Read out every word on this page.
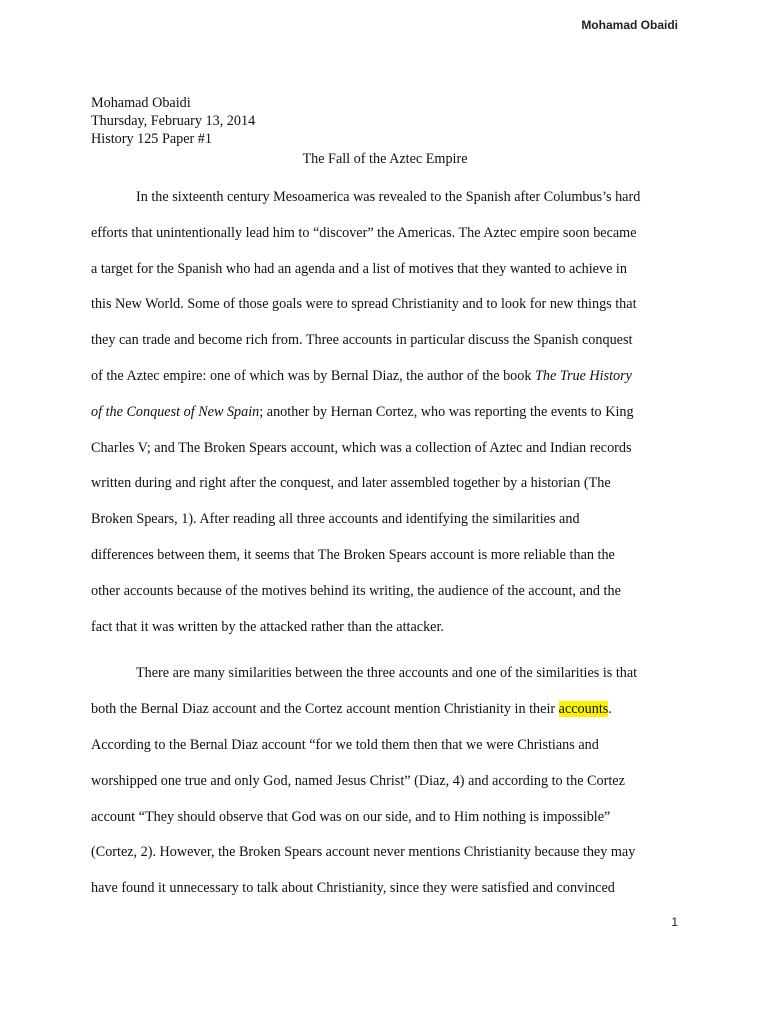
Mohamad Obaidi
Mohamad Obaidi
Thursday, February 13, 2014
History 125 Paper #1
The Fall of the Aztec Empire

In the sixteenth century Mesoamerica was revealed to the Spanish after Columbus’s hard
efforts that unintentionally lead him to “discover” the Americas. The Aztec empire soon became
a target for the Spanish who had an agenda and a list of motives that they wanted to achieve in
this New World. Some of those goals were to spread Christianity and to look for new things that
they can trade and become rich from. Three accounts in particular discuss the Spanish conquest
of the Aztec empire: one of which was by Bernal Diaz, the author of the book The True History
of the Conquest of New Spain; another by Hernan Cortez, who was reporting the events to King
Charles V; and The Broken Spears account, which was a collection of Aztec and Indian records
written during and right after the conquest, and later assembled together by a historian (The
Broken Spears, 1). After reading all three accounts and identifying the similarities and
differences between them, it seems that The Broken Spears account is more reliable than the
other accounts because of the motives behind its writing, the audience of the account, and the
fact that it was written by the attacked rather than the attacker.

There are many similarities between the three accounts and one of the similarities is that
both the Bernal Diaz account and the Cortez account mention Christianity in their accounts.
According to the Bernal Diaz account “for we told them then that we were Christians and
worshipped one true and only God, named Jesus Christ” (Diaz, 4) and according to the Cortez
account “They should observe that God was on our side, and to Him nothing is impossible”
(Cortez, 2). However, the Broken Spears account never mentions Christianity because they may
have found it unnecessary to talk about Christianity, since they were satisfied and convinced

1
